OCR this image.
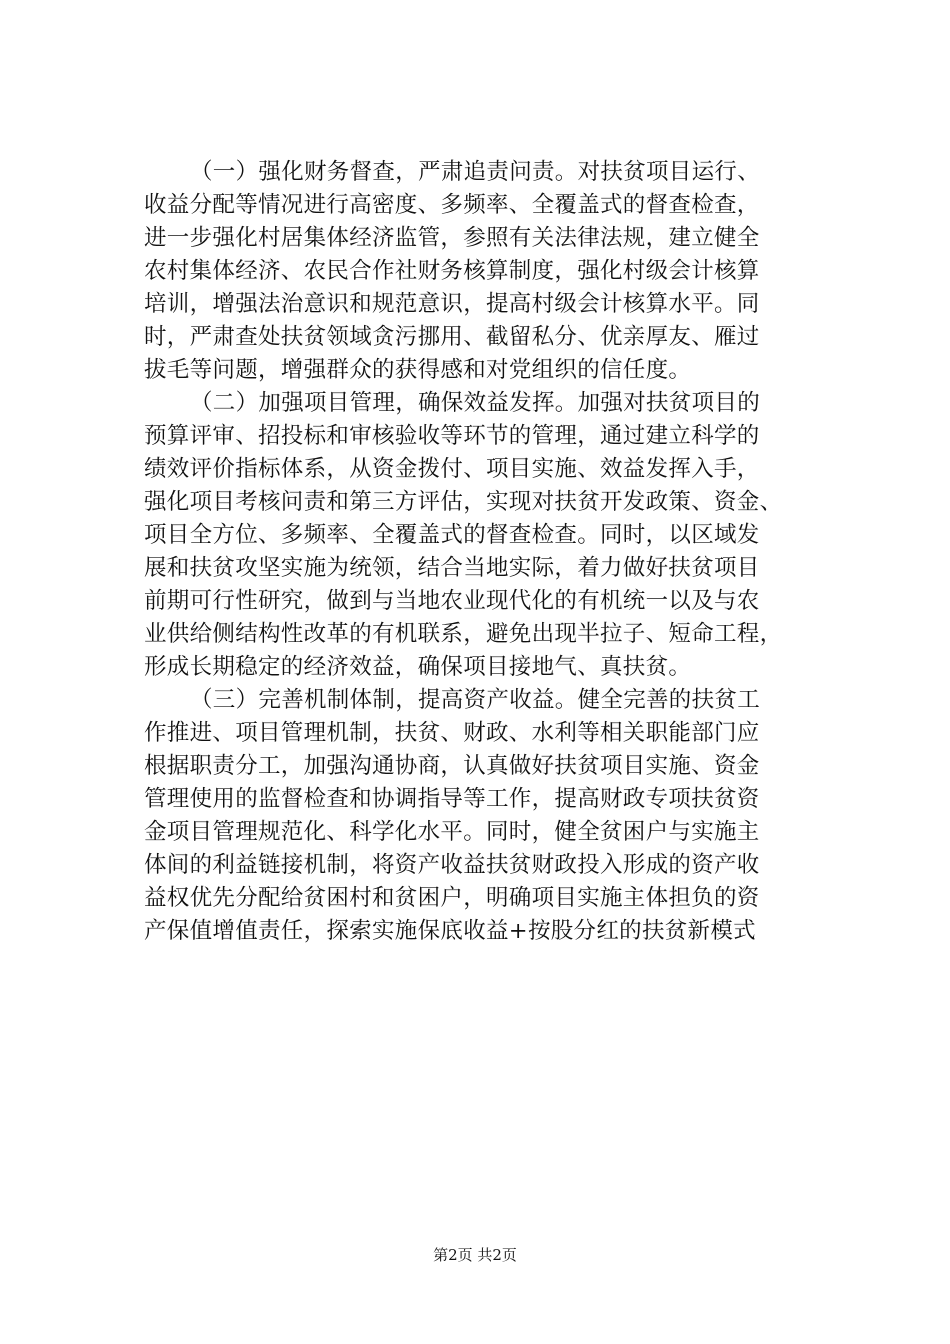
（一）强化财务督查，严肃追责问责。对扶贫项目运行、
收益分配等情况进行高密度、多频率、全覆盖式的督查检查，
进一步强化村居集体经济监管，参照有关法律法规，建立健全
农村集体经济、农民合作社财务核算制度，强化村级会计核算
培训，增强法治意识和规范意识，提高村级会计核算水平。同
时，严肃查处扶贫领域贪污挪用、截留私分、优亲厚友、雁过
拔毛等问题，增强群众的获得感和对党组织的信任度。
（二）加强项目管理，确保效益发挥。加强对扶贫项目的
预算评审、招投标和审核验收等环节的管理，通过建立科学的
绩效评价指标体系，从资金拨付、项目实施、效益发挥入手，
强化项目考核问责和第三方评估，实现对扶贫开发政策、资金、
项目全方位、多频率、全覆盖式的督查检查。同时，以区域发
展和扶贫攻坚实施为统领，结合当地实际，着力做好扶贫项目
前期可行性研究，做到与当地农业现代化的有机统一以及与农
业供给侧结构性改革的有机联系，避免出现半拉子、短命工程，
形成长期稳定的经济效益，确保项目接地气、真扶贫。
（三）完善机制体制，提高资产收益。健全完善的扶贫工
作推进、项目管理机制，扶贫、财政、水利等相关职能部门应
根据职责分工，加强沟通协商，认真做好扶贫项目实施、资金
管理使用的监督检查和协调指导等工作，提高财政专项扶贫资
金项目管理规范化、科学化水平。同时，健全贫困户与实施主
体间的利益链接机制，将资产收益扶贫财政投入形成的资产收
益权优先分配给贫困村和贫困户，明确项目实施主体担负的资
产保值增值责任，探索实施保底收益+按股分红的扶贫新模式
第2页 共2页
